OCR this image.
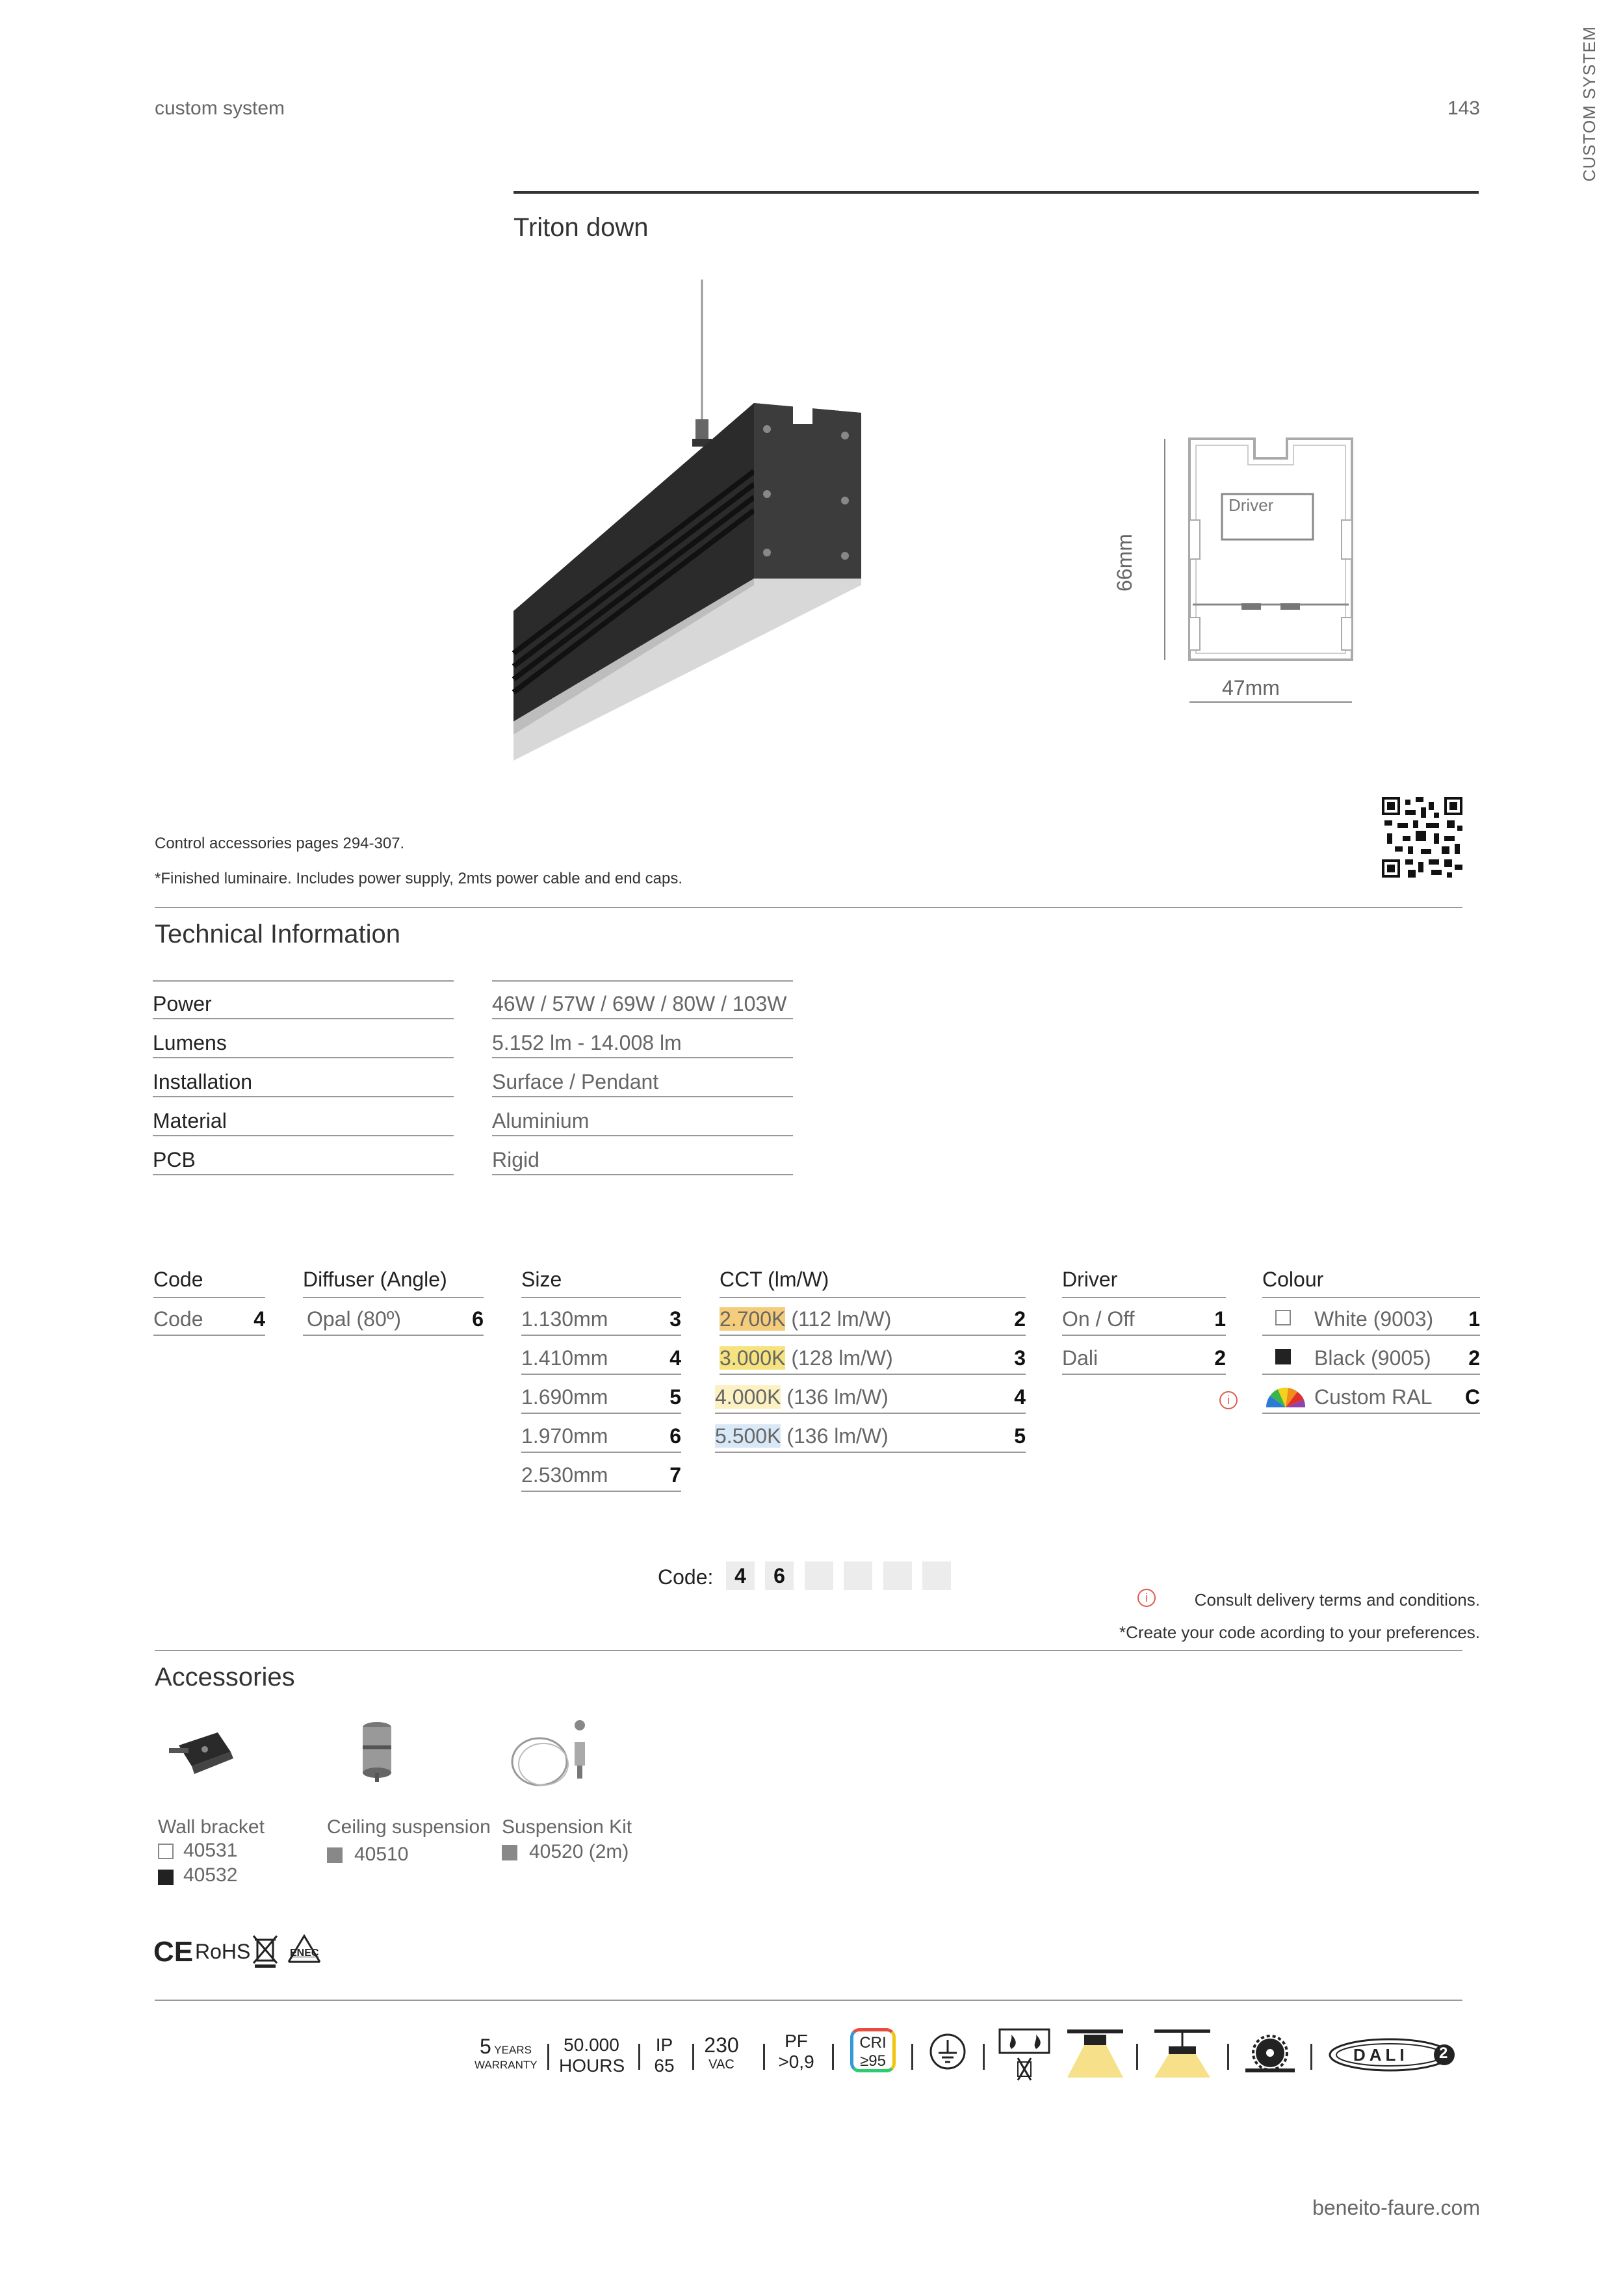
custom system	143	CUSTOM SYSTEM
Triton down
Driver
66mm
47mm
Control accessories pages 294-307.
*Finished luminaire. Includes power supply, 2mts power cable and end caps.
Technical Information
Power	46W / 57W / 69W / 80W / 103W
Lumens	5.152 lm - 14.008 lm
Installation	Surface / Pendant
Material	Aluminium
PCB	Rigid
Code
Code 4
Diffuser (Angle)
Opal (80º)	6
Size
1.130mm	3
1.410mm	4
1.690mm	5
1.970mm	6
2.530mm	7
CCT (lm/W)
2.700K (112 lm/W)	2
3.000K (128 lm/W)	3
4.000K (136 lm/W)	4
5.500K (136 lm/W)	5
Driver
On / Off	1
Dali	2
Colour
White (9003) 1
Black (9005) 2
Custom RAL C
i
Code:	4	6
i	Consult delivery terms and conditions.
*Create your code acording to your preferences.
Accessories
Wall bracket
40531
40532
Ceiling suspension
40510
Suspension Kit
40520 (2m)
CE RoHS	ENEC
5 YEARS
WARRANTY
50.000
HOURS
IP
65
230
VAC
PF
>0,9
CRI
≥95	DALI 2
beneito-faure.com
